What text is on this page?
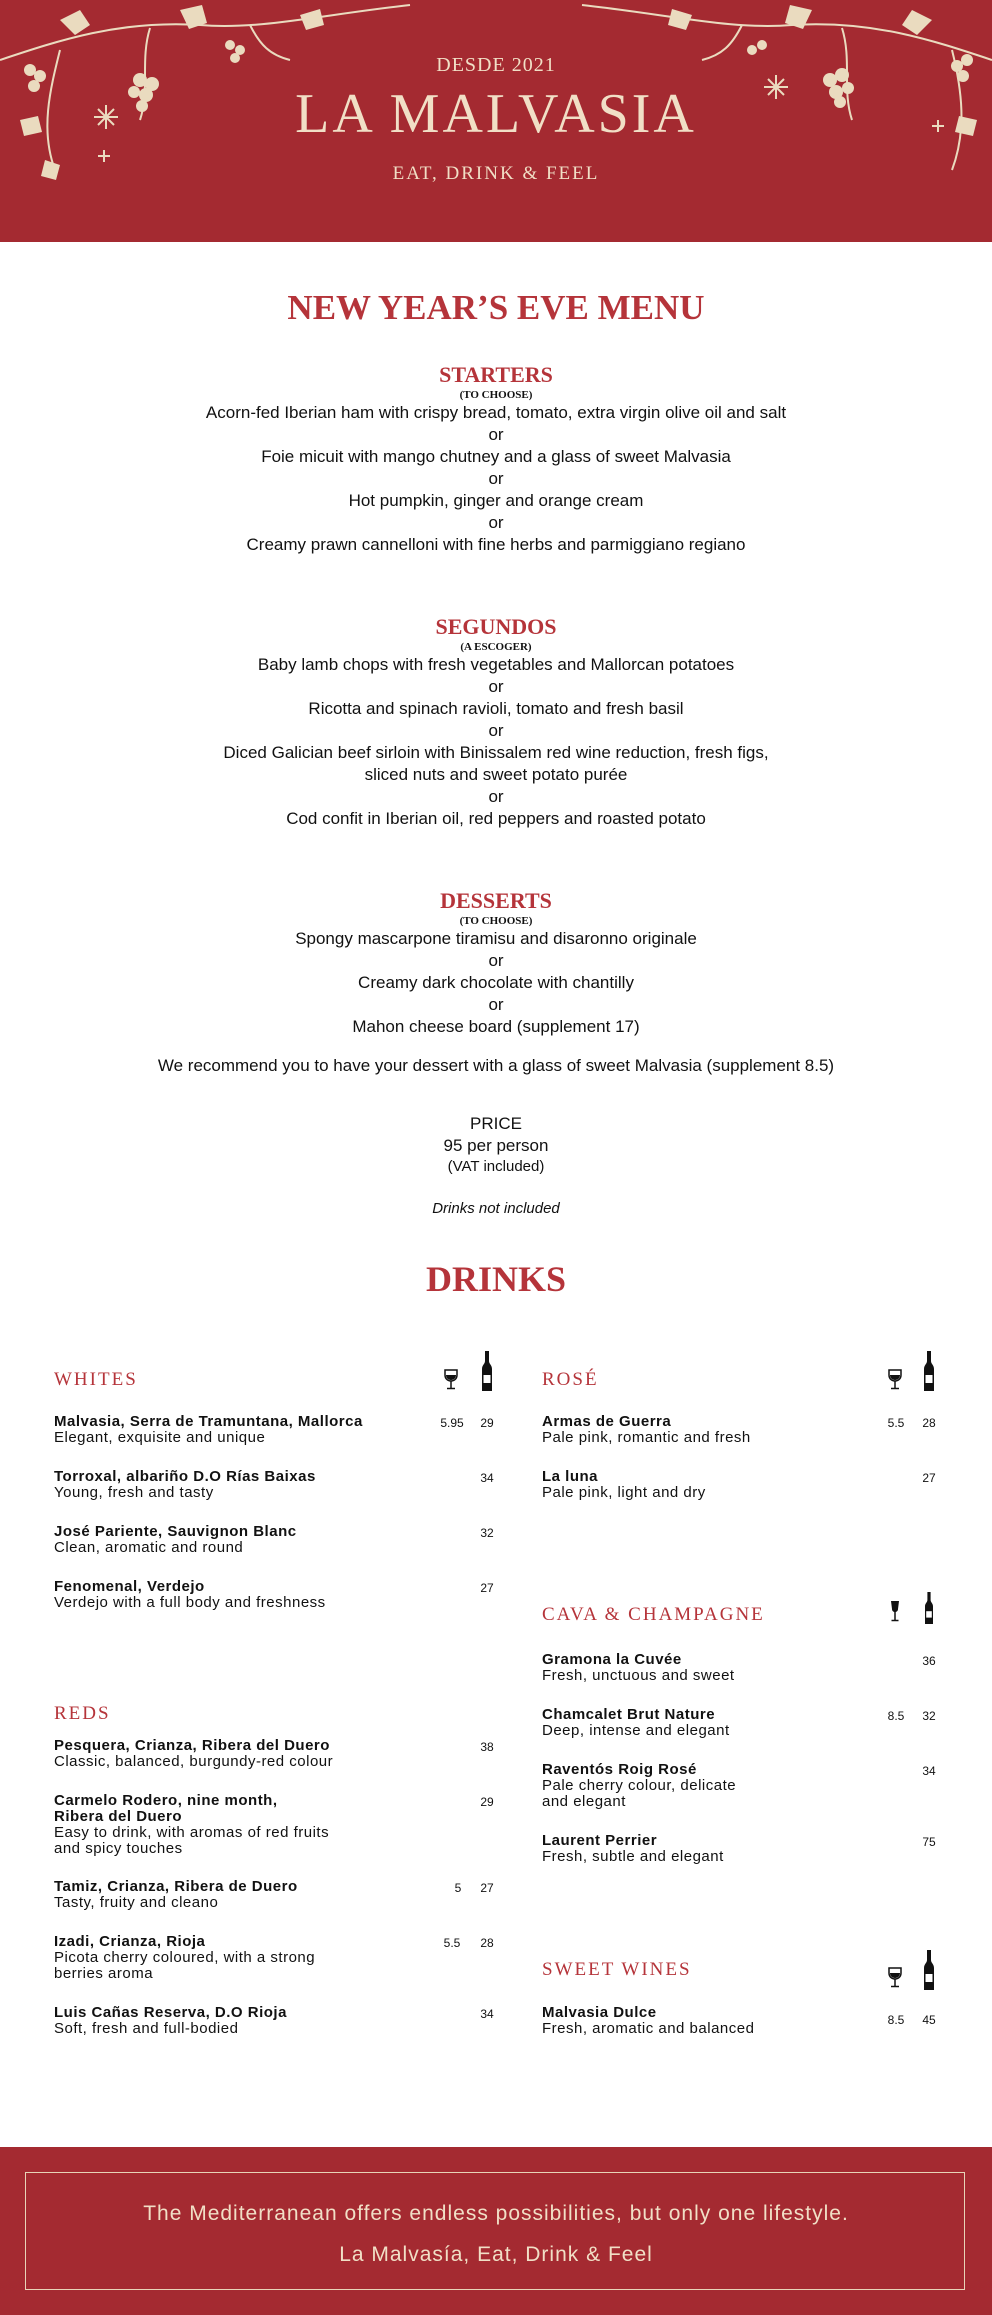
DESDE 2021
LA MALVASIA
EAT, DRINK & FEEL
NEW YEAR’S EVE MENU
STARTERS
(TO CHOOSE)
Acorn-fed Iberian ham with crispy bread, tomato, extra virgin olive oil and salt
or
Foie micuit with mango chutney and a glass of sweet Malvasia
or
Hot pumpkin, ginger and orange cream
or
Creamy prawn cannelloni with fine herbs and parmiggiano regiano
SEGUNDOS
(A ESCOGER)
Baby lamb chops with fresh vegetables and Mallorcan potatoes
or
Ricotta and spinach ravioli, tomato and fresh basil
or
Diced Galician beef sirloin with Binissalem red wine reduction, fresh figs,
sliced nuts and sweet potato purée
or
Cod confit in Iberian oil, red peppers and roasted potato
DESSERTS
(TO CHOOSE)
Spongy mascarpone tiramisu and disaronno originale
or
Creamy dark chocolate with chantilly
or
Mahon cheese board (supplement 17)
We recommend you to have your dessert with a glass of sweet Malvasia (supplement 8.5)
PRICE
95 per person
(VAT included)
Drinks not included
DRINKS
WHITES
Malvasia, Serra de Tramuntana, Mallorca
Elegant, exquisite and unique
5.95	29
Torroxal, albariño D.O Rías Baixas
Young, fresh and tasty
34
José Pariente, Sauvignon Blanc
Clean, aromatic and round
32
Fenomenal, Verdejo
Verdejo with a full body and freshness
27
REDS
Pesquera, Crianza, Ribera del Duero
Classic, balanced, burgundy-red colour
38
Carmelo Rodero, nine month,
Ribera del Duero
Easy to drink, with aromas of red fruits
and spicy touches
29
Tamiz, Crianza, Ribera de Duero
Tasty, fruity and cleano
5	27
Izadi, Crianza, Rioja
Picota cherry coloured, with a strong
berries aroma
5.5	28
Luis Cañas Reserva, D.O Rioja
Soft, fresh and full-bodied
34
ROSÉ
Armas de Guerra
Pale pink, romantic and fresh
5.5	28
La luna
Pale pink, light and dry
27
CAVA & CHAMPAGNE
Gramona la Cuvée
Fresh, unctuous and sweet
36
Chamcalet Brut Nature
Deep, intense and elegant
8.5	32
Raventós Roig Rosé
Pale cherry colour, delicate
and elegant
34
Laurent Perrier
Fresh, subtle and elegant
75
SWEET WINES
Malvasia Dulce
Fresh, aromatic and balanced	8.5	45
The Mediterranean offers endless possibilities, but only one lifestyle.
La Malvasía, Eat, Drink & Feel
